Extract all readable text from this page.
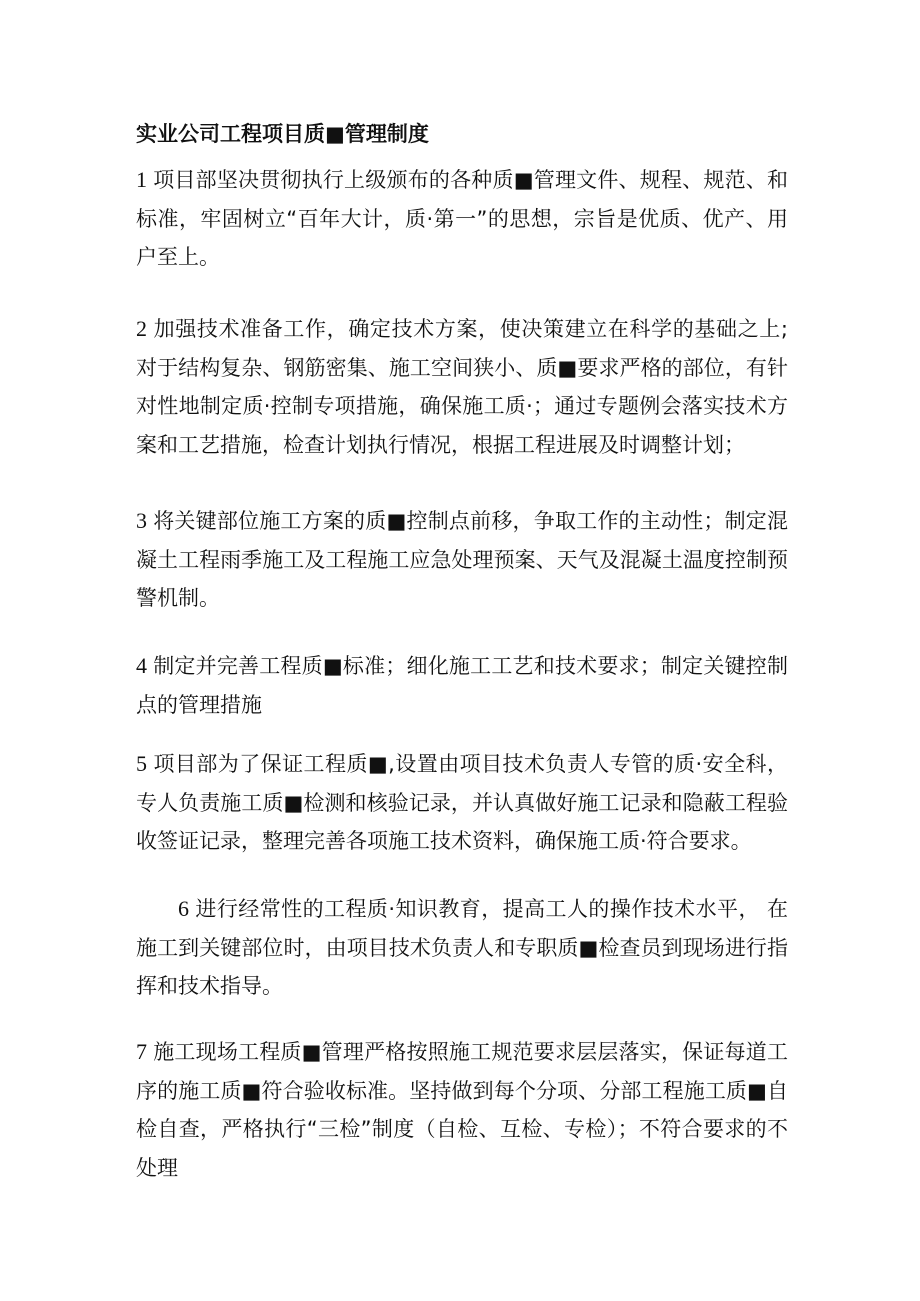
实业公司工程项目质■管理制度

1 项目部坚决贯彻执行上级颁布的各种质■管理文件、规程、规范、和标准，牢固树立“百年大计，质·第一”的思想，宗旨是优质、优产、用户至上。

2 加强技术准备工作，确定技术方案，使决策建立在科学的基础之上;对于结构复杂、钢筋密集、施工空间狭小、质■要求严格的部位，有针对性地制定质·控制专项措施，确保施工质·；通过专题例会落实技术方案和工艺措施，检查计划执行情况，根据工程进展及时调整计划；

3 将关键部位施工方案的质■控制点前移，争取工作的主动性；制定混凝土工程雨季施工及工程施工应急处理预案、天气及混凝土温度控制预警机制。

4 制定并完善工程质■标准；细化施工工艺和技术要求；制定关键控制点的管理措施

5 项目部为了保证工程质■,设置由项目技术负责人专管的质·安全科，专人负责施工质■检测和核验记录，并认真做好施工记录和隐蔽工程验收签证记录，整理完善各项施工技术资料，确保施工质·符合要求。

6 进行经常性的工程质·知识教育，提高工人的操作技术水平， 在施工到关键部位时，由项目技术负责人和专职质■检查员到现场进行指挥和技术指导。

7 施工现场工程质■管理严格按照施工规范要求层层落实，保证每道工序的施工质■符合验收标准。坚持做到每个分项、分部工程施工质■自检自查，严格执行“三检”制度（自检、互检、专检）；不符合要求的不处理
